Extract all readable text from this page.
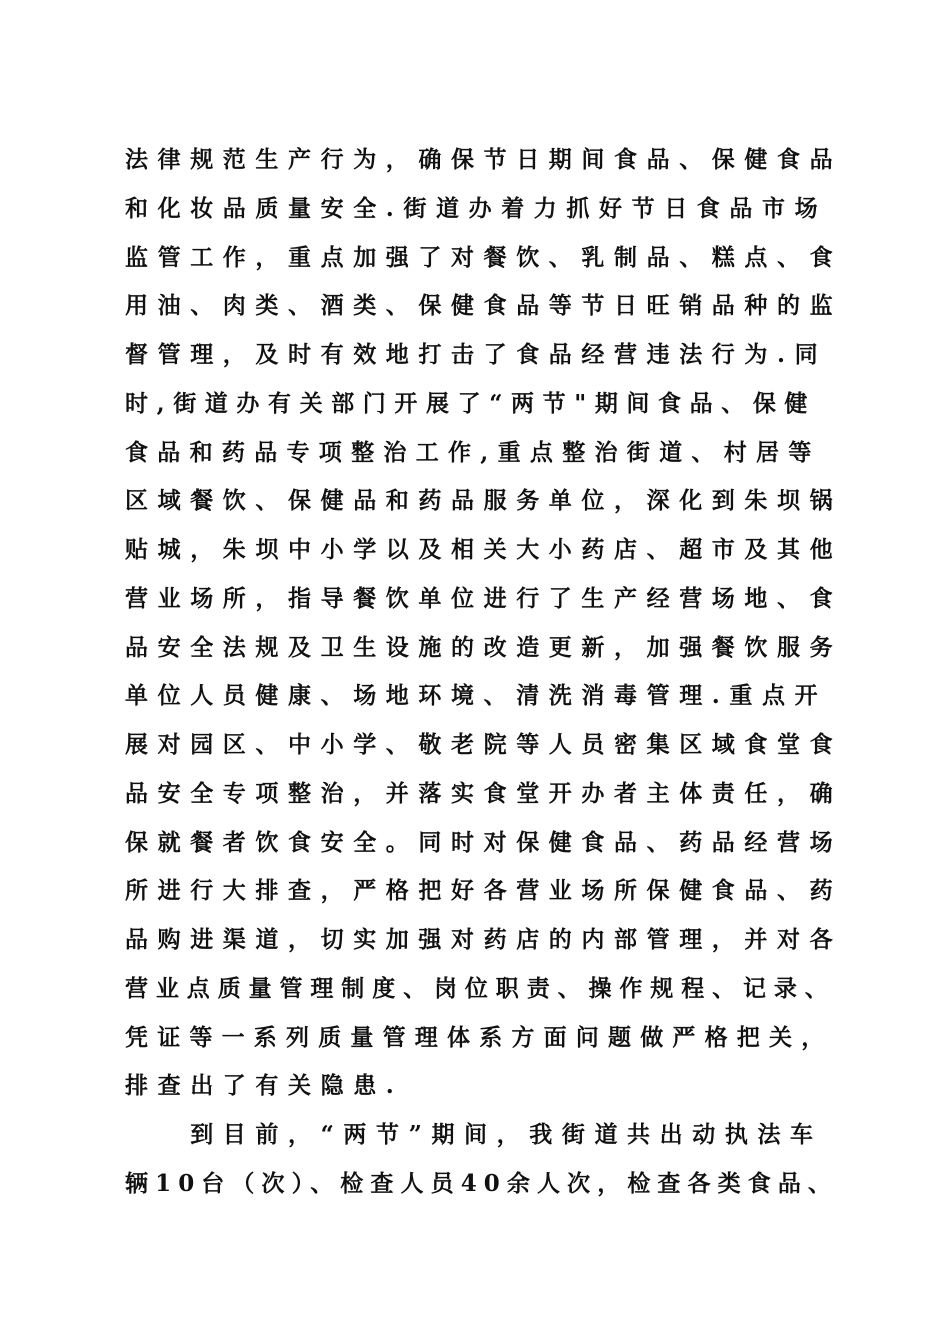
法律规范生产行为，确保节日期间食品、保健食品
和化妆品质量安全.街道办着力抓好节日食品市场
监管工作，重点加强了对餐饮、乳制品、糕点、食
用油、肉类、酒类、保健食品等节日旺销品种的监
督管理，及时有效地打击了食品经营违法行为.同
时,街道办有关部门开展了“两节"期间食品、保健
食品和药品专项整治工作,重点整治街道、村居等
区域餐饮、保健品和药品服务单位，深化到朱坝锅
贴城，朱坝中小学以及相关大小药店、超市及其他
营业场所，指导餐饮单位进行了生产经营场地、食
品安全法规及卫生设施的改造更新，加强餐饮服务
单位人员健康、场地环境、清洗消毒管理.重点开
展对园区、中小学、敬老院等人员密集区域食堂食
品安全专项整治，并落实食堂开办者主体责任，确
保就餐者饮食安全。同时对保健食品、药品经营场
所进行大排查，严格把好各营业场所保健食品、药
品购进渠道，切实加强对药店的内部管理，并对各
营业点质量管理制度、岗位职责、操作规程、记录、
凭证等一系列质量管理体系方面问题做严格把关，
排查出了有关隐患.
　　到目前，“两节”期间，我街道共出动执法车
辆10台（次）、检查人员40余人次，检查各类食品、
